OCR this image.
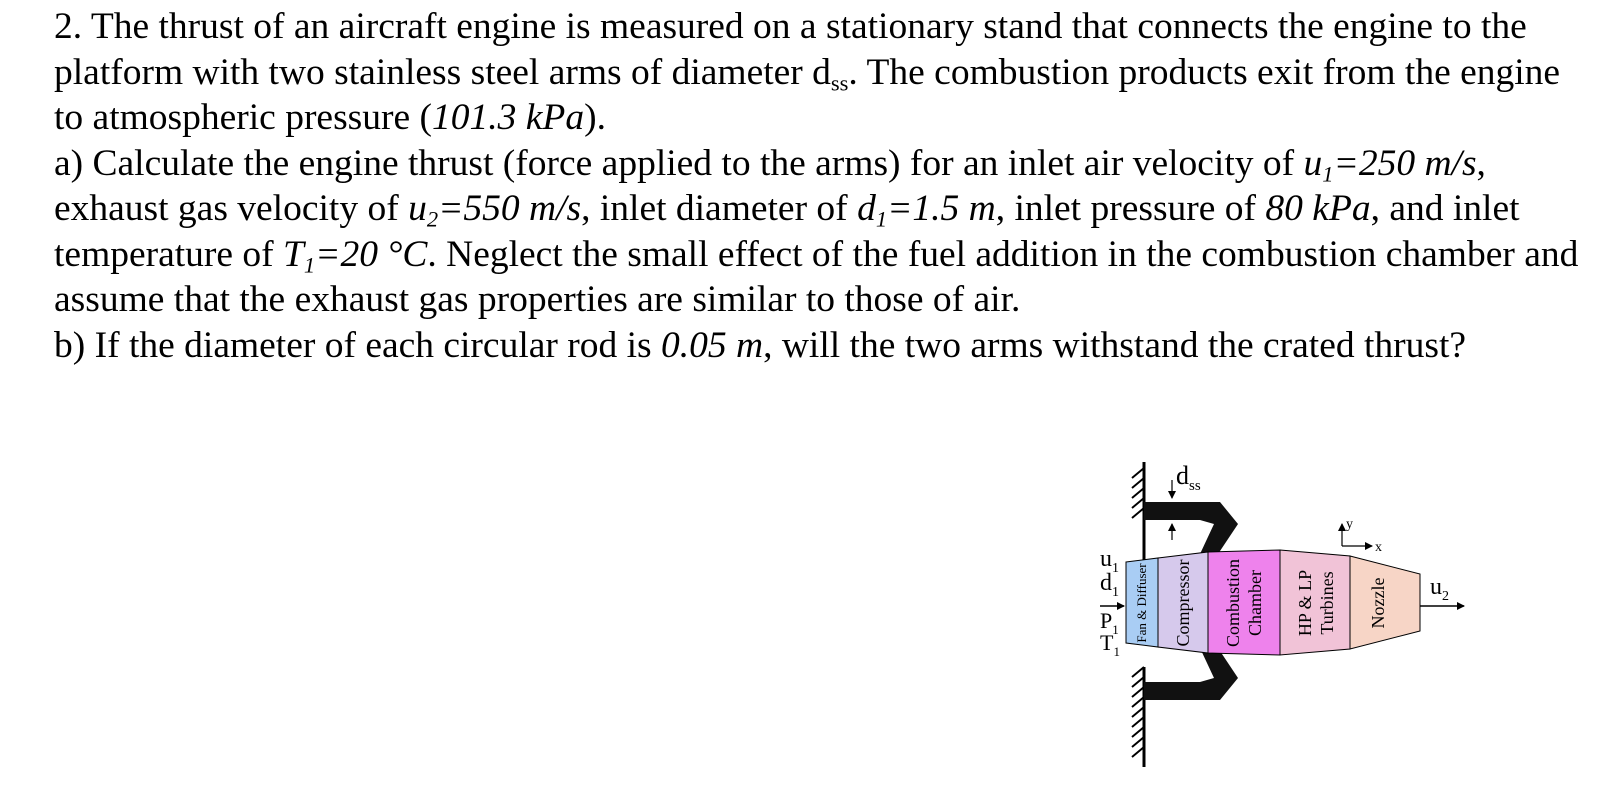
2. The thrust of an aircraft engine is measured on a stationary stand that connects the engine to the platform with two stainless steel arms of diameter $d_{ss}$. The combustion products exit from the engine to atmospheric pressure (101.3 kPa).

a) Calculate the engine thrust (force applied to the arms) for an inlet air velocity of $u_1=250$ m/s, exhaust gas velocity of $u_2=550$ m/s, inlet diameter of $d_1=1.5$ m, inlet pressure of 80 kPa, and inlet temperature of $T_1=20$ °C. Neglect the small effect of the fuel addition in the combustion chamber and assume that the exhaust gas properties are similar to those of air.

b) If the diameter of each circular rod is 0.05 m, will the two arms withstand the crated thrust?

Fan & Diffuser Compressor Combustion Chamber HP & LP Turbines Nozzle
$d_{ss}$
y
x
$u_1$
$d_1$
$P_1$
$T_1$
$u_2$
